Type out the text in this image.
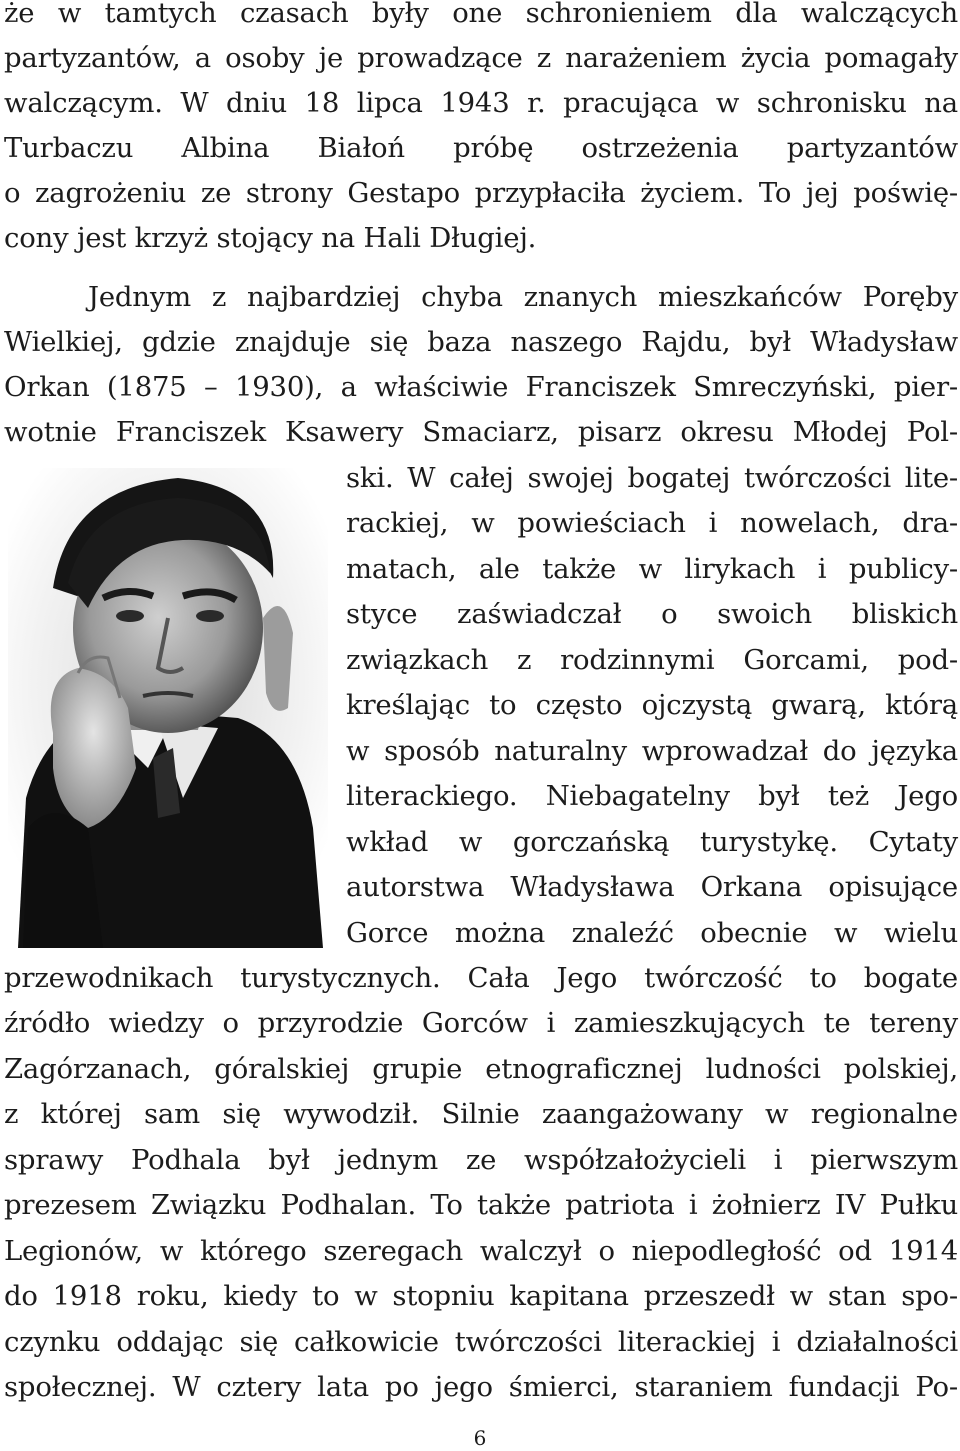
że w tamtych czasach były one schronieniem dla walczących
partyzantów, a osoby je prowadzące z narażeniem życia pomagały
walczącym. W dniu 18 lipca 1943 r. pracująca w schronisku na
Turbaczu Albina Białoń próbę ostrzeżenia partyzantów
o zagrożeniu ze strony Gestapo przypłaciła życiem. To jej poświę-
cony jest krzyż stojący na Hali Długiej.
Jednym z najbardziej chyba znanych mieszkańców Poręby
Wielkiej, gdzie znajduje się baza naszego Rajdu, był Władysław
Orkan (1875 – 1930), a właściwie Franciszek Smreczyński, pier-
wotnie Franciszek Ksawery Smaciarz, pisarz okresu Młodej Pol-
ski. W całej swojej bogatej twórczości lite-
rackiej, w powieściach i nowelach, dra-
matach, ale także w lirykach i publicy-
styce zaświadczał o swoich bliskich
związkach z rodzinnymi Gorcami, pod-
kreślając to często ojczystą gwarą, którą
w sposób naturalny wprowadzał do języka
literackiego. Niebagatelny był też Jego
wkład w gorczańską turystykę. Cytaty
autorstwa Władysława Orkana opisujące
Gorce można znaleźć obecnie w wielu
przewodnikach turystycznych. Cała Jego twórczość to bogate
źródło wiedzy o przyrodzie Gorców i zamieszkujących te tereny
Zagórzanach, góralskiej grupie etnograficznej ludności polskiej,
z której sam się wywodził. Silnie zaangażowany w regionalne
sprawy Podhala był jednym ze współzałożycieli i pierwszym
prezesem Związku Podhalan. To także patriota i żołnierz IV Pułku
Legionów, w którego szeregach walczył o niepodległość od 1914
do 1918 roku, kiedy to w stopniu kapitana przeszedł w stan spo-
czynku oddając się całkowicie twórczości literackiej i działalności
społecznej. W cztery lata po jego śmierci, staraniem fundacji Po-
6
